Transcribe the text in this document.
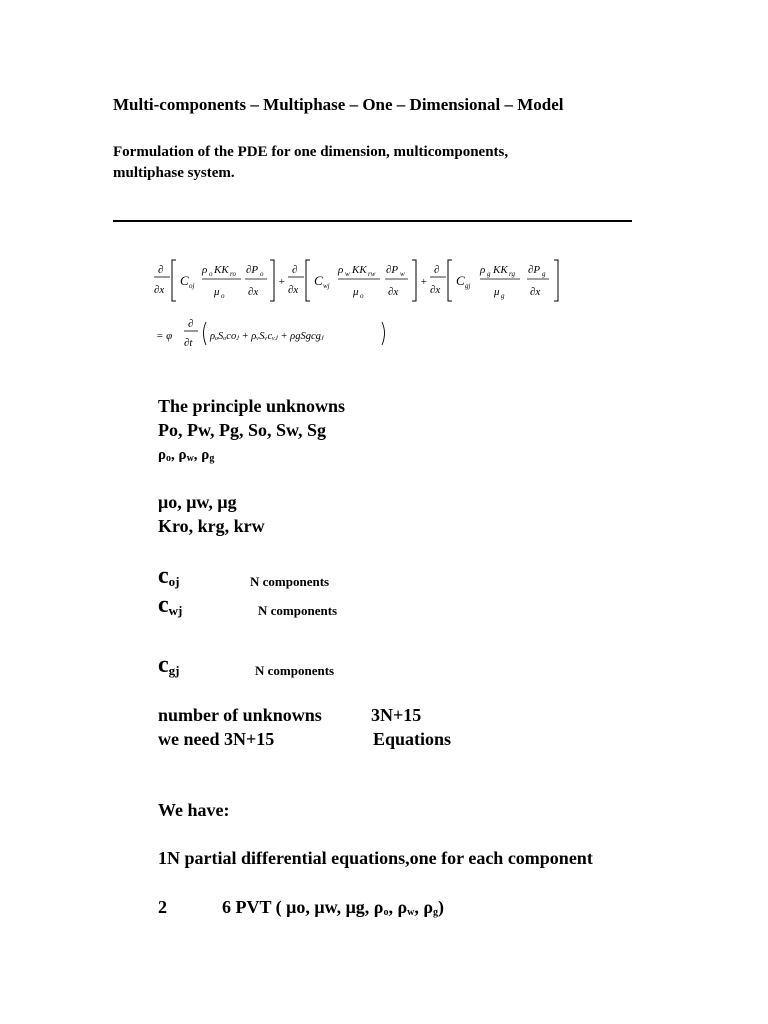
Multi-components – Multiphase – One – Dimensional – Model
Formulation of the PDE for one dimension, multicomponents,
multiphase system.
∂
∂x
C oj
ρ o KK ro
μ o
∂P o
∂x
+
∂
∂x
C wj
ρ w KK rw
μ o
∂P w
∂x
+
∂
∂x
C gj
ρ g KK rg
μ g
∂P g
∂x
= φ
∂
∂t
ρₒSₒcoⱼ + ρᵥSᵥcᵥⱼ + ρgSgcgⱼ
The principle unknowns
Po, Pw, Pg, So, Sw, Sg
$\rho_o$, $\rho_w$, $\rho_g$
μo, μw, μg
Kro, krg, krw
coj	N components
cwj	N components
cgj	N components
number of unknowns	3N+15
we need 3N+15	Equations
We have:
1N partial differential equations,one for each component
2	6 PVT ( μo, μw, μg, $\rho_o$, $\rho_w$, $\rho_g$)
